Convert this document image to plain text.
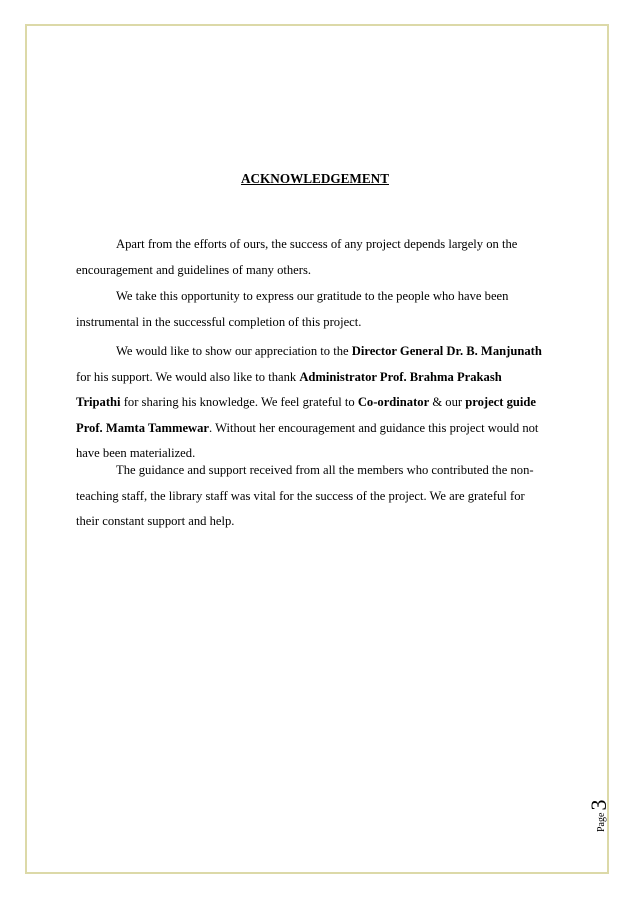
ACKNOWLEDGEMENT

Apart from the efforts of ours, the success of any project depends largely on the
encouragement and guidelines of many others.

We take this opportunity to express our gratitude to the people who have been
instrumental in the successful completion of this project.

We would like to show our appreciation to the Director General Dr. B. Manjunath
for his support. We would also like to thank Administrator Prof. Brahma Prakash
Tripathi for sharing his knowledge. We feel grateful to Co-ordinator & our project guide
Prof. Mamta Tammewar. Without her encouragement and guidance this project would not
have been materialized.

The guidance and support received from all the members who contributed the non-
teaching staff, the library staff was vital for the success of the project. We are grateful for
their constant support and help.

Page
3
